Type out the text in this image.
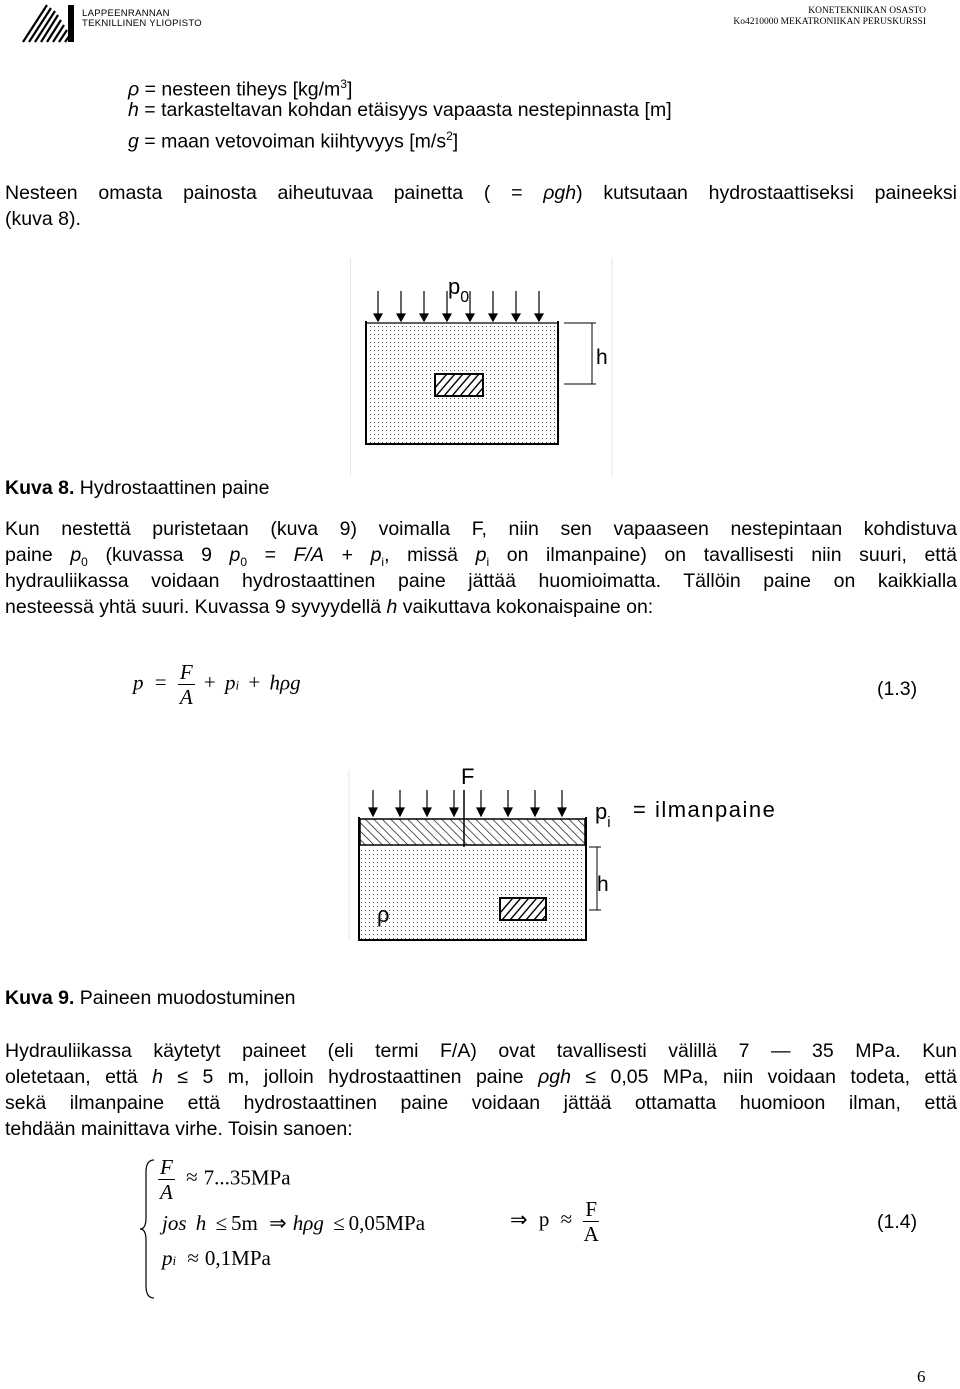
LAPPEENRANNAN
TEKNILLINEN YLIOPISTO
KONETEKNIIKAN OSASTO
Ko4210000 MEKATRONIIKAN PERUSKURSSI
ρ = nesteen tiheys $[kg/m^3]$
h = tarkasteltavan kohdan etäisyys vapaasta nestepinnasta [m]
g = maan vetovoiman kiihtyvyys $[m/s^2]$
Nesteen omasta painosta aiheutuvaa painetta ( = ρgh) kutsutaan hydrostaattiseksi paineeksi
(kuva 8).
$p_0$
h
Kuva 8. Hydrostaattinen paine
Kun nestettä puristetaan (kuva 9) voimalla F, niin sen vapaaseen nestepintaan kohdistuva
paine $p_0$ (kuvassa 9 $p_0 = F/A + p_i$, missä $p_i$ on ilmanpaine) on tavallisesti niin suuri, että
hydrauliikassa voidaan hydrostaattinen paine jättää huomioimatta. Tällöin paine on kaikkialla
nesteessä yhtä suuri. Kuvassa 9 syvyydellä h vaikuttava kokonaispaine on:
$p = \frac{F}{A}$ + pi + hρg	(1.3)
F
$p_i$
= ilmanpaine
h
ρ
Kuva 9. Paineen muodostuminen
Hydrauliikassa käytetyt paineet (eli termi F/A) ovat tavallisesti välillä 7 — 35 MPa. Kun
oletetaan, että h ≤ 5 m, jolloin hydrostaattinen paine ρgh ≤ 0,05 MPa, niin voidaan todeta, että
sekä ilmanpaine että hydrostaattinen paine voidaan jättää ottamatta huomioon ilman, että
tehdään mainittava virhe. Toisin sanoen:
$\frac{F}{A} \approx 7...35MPa$
jos h ≤ 5m ⇒ hρg ≤ 0,05MPa
pi ≈ 0,1MPa
⇒ $p \approx \frac{F}{A}$	(1.4)
6
